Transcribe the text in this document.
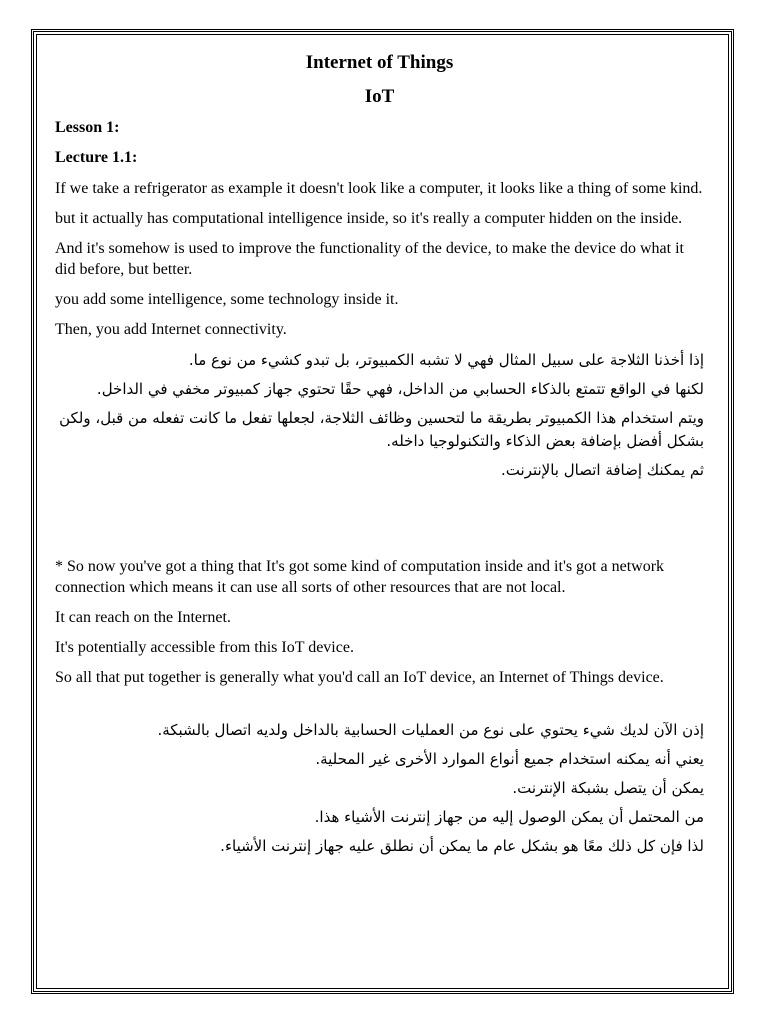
Internet of Things
IoT
Lesson 1:
Lecture 1.1:

If we take a refrigerator as example it doesn't look like a computer, it looks like a thing of some kind.

but it actually has computational intelligence inside, so it's really a computer hidden on the inside.

And it's somehow is used to improve the functionality of the device, to make the device do what it did before, but better.

you add some intelligence, some technology inside it.

Then, you add Internet connectivity.

إذا أخذنا الثلاجة على سبيل المثال فهي لا تشبه الكمبيوتر، بل تبدو كشيء من نوع ما.

لكنها في الواقع تتمتع بالذكاء الحسابي من الداخل، فهي حقًا تحتوي جهاز كمبيوتر مخفي في الداخل.

ويتم استخدام هذا الكمبيوتر بطريقة ما لتحسين وظائف الثلاجة، لجعلها تفعل ما كانت تفعله من قبل، ولكن بشكل أفضل بإضافة بعض الذكاء والتكنولوجيا داخله.

ثم يمكنك إضافة اتصال بالإنترنت.

* So now you've got a thing that It's got some kind of computation inside and it's got a network connection which means it can use all sorts of other resources that are not local.

It can reach on the Internet.

It's potentially accessible from this IoT device.

So all that put together is generally what you'd call an IoT device, an Internet of Things device.

إذن الآن لديك شيء يحتوي على نوع من العمليات الحسابية بالداخل ولديه اتصال بالشبكة.

يعني أنه يمكنه استخدام جميع أنواع الموارد الأخرى غير المحلية.

يمكن أن يتصل بشبكة الإنترنت.

من المحتمل أن يمكن الوصول إليه من جهاز إنترنت الأشياء هذا.

لذا فإن كل ذلك معًا هو بشكل عام ما يمكن أن نطلق عليه جهاز إنترنت الأشياء.
